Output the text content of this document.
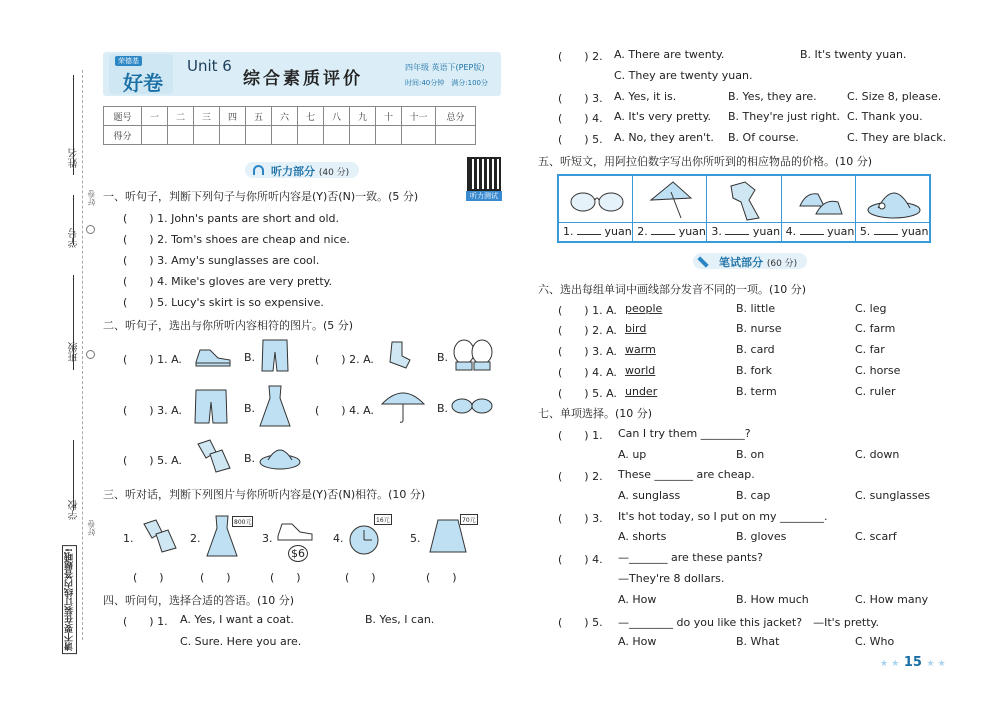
姓名
学号
班级
学校
请不要在装订线内答题哦!
好卷
好卷
荣德基
好卷
Unit 6
综合素质评价
四年级 英语下(PEP版)
时间:40分钟　满分:100分
题号	一	二	三	四	五	六	七	八	九	十	十一	总分
得分												
听力部分 (40 分)
听力测试
一、听句子，判断下列句子与你所听内容是(Y)否(N)一致。(5 分)
(　　) 1. John's pants are short and old.
(　　) 2. Tom's shoes are cheap and nice.
(　　) 3. Amy's sunglasses are cool.
(　　) 4. Mike's gloves are very pretty.
(　　) 5. Lucy's skirt is so expensive.
二、听句子，选出与你所听内容相符的图片。(5 分)
(　　) 1. A.	B.	(　　) 2. A.	B.
(　　) 3. A.	B.	(　　) 4. A.	B.
(　　) 5. A.	B.
三、听对话，判断下列图片与你所听内容是(Y)否(N)相符。(10 分)
1.	2.
800元
3.
$6
4.
16元
5.
70元
(　　)	(　　)	(　　)	(　　)	(　　)
四、听问句，选择合适的答语。(10 分)
(　　) 1. A. Yes, I want a coat.	B. Yes, I can.
C. Sure. Here you are.
(　　) 2. A. There are twenty.	B. It's twenty yuan.
C. They are twenty yuan.
(　　) 3. A. Yes, it is.	B. Yes, they are.	C. Size 8, please.
(　　) 4. A. It's very pretty. B. They're just right. C. Thank you.
(　　) 5. A. No, they aren't. B. Of course.	C. They are black.
五、听短文，用阿拉伯数字写出你所听到的相应物品的价格。(10 分)
1.	yuan 2.	yuan 3.	yuan 4.	yuan 5.	yuan
笔试部分 (60 分)
六、选出每组单词中画线部分发音不同的一项。(10 分)
(　　) 1. A. people	B. little	C. leg
(　　) 2. A. bird	B. nurse	C. farm
(　　) 3. A. warm	B. card	C. far
(　　) 4. A. world	B. fork	C. horse
(　　) 5. A. under	B. term	C. ruler
七、单项选择。(10 分)
(　　) 1. Can I try them ________?
A. up	B. on	C. down
(　　) 2. These _______ are cheap.
A. sunglass	B. cap	C. sunglasses
(　　) 3. It's hot today, so I put on my ________.
A. shorts	B. gloves	C. scarf
(　　) 4. —_______ are these pants?
—They're 8 dollars.
A. How	B. How much	C. How many
(　　) 5. —________ do you like this jacket?　—It's pretty.
A. How	B. What	C. Who
★ ★ 15 ★ ★
